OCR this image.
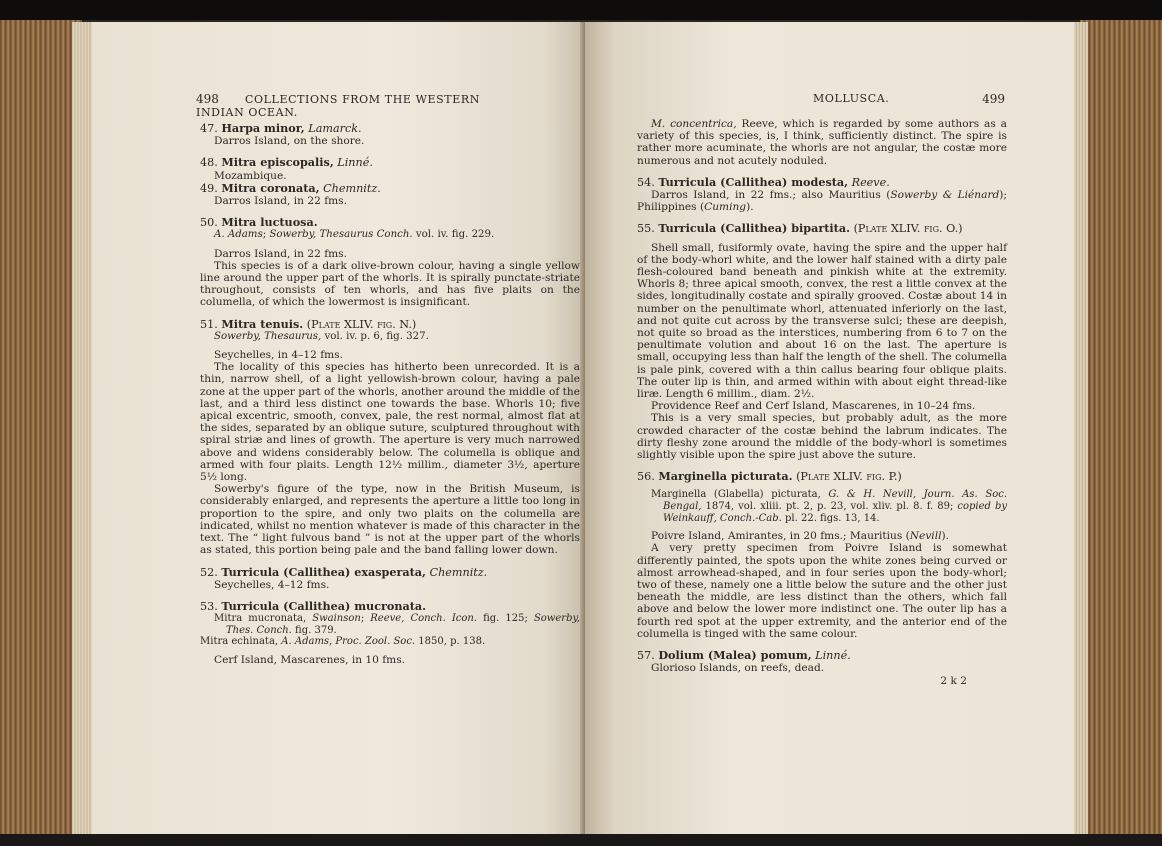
498 COLLECTIONS FROM THE WESTERN INDIAN OCEAN.

47. Harpa minor, Lamarck.

Darros Island, on the shore.

48. Mitra episcopalis, Linné.

Mozambique.

49. Mitra coronata, Chemnitz.

Darros Island, in 22 fms.

50. Mitra luctuosa.

A. Adams; Sowerby, Thesaurus Conch. vol. iv. fig. 229.

Darros Island, in 22 fms.

This species is of a dark olive-brown colour, having a single yellow line around the upper part of the whorls. It is spirally punctate-striate throughout, consists of ten whorls, and has five plaits on the columella, of which the lowermost is insignificant.

51. Mitra tenuis. (Plate XLIV. fig. N.)

Sowerby, Thesaurus, vol. iv. p. 6, fig. 327.

Seychelles, in 4–12 fms.

The locality of this species has hitherto been unrecorded. It is a thin, narrow shell, of a light yellowish-brown colour, having a pale zone at the upper part of the whorls, another around the middle of the last, and a third less distinct one towards the base. Whorls 10; five apical excentric, smooth, convex, pale, the rest normal, almost flat at the sides, separated by an oblique suture, sculptured throughout with spiral striæ and lines of growth. The aperture is very much narrowed above and widens considerably below. The columella is oblique and armed with four plaits. Length 12½ millim., diameter 3½, aperture 5½ long.

Sowerby's figure of the type, now in the British Museum, is considerably enlarged, and represents the aperture a little too long in proportion to the spire, and only two plaits on the columella are indicated, whilst no mention whatever is made of this character in the text. The “ light fulvous band ” is not at the upper part of the whorls as stated, this portion being pale and the band falling lower down.

52. Turricula (Callithea) exasperata, Chemnitz.

Seychelles, 4–12 fms.

53. Turricula (Callithea) mucronata.

Mitra mucronata, Swainson; Reeve, Conch. Icon. fig. 125; Sowerby, Thes. Conch. fig. 379.

Mitra echinata, A. Adams, Proc. Zool. Soc. 1850, p. 138.

Cerf Island, Mascarenes, in 10 fms.

MOLLUSCA.	499

M. concentrica, Reeve, which is regarded by some authors as a variety of this species, is, I think, sufficiently distinct. The spire is rather more acuminate, the whorls are not angular, the costæ more numerous and not acutely noduled.

54. Turricula (Callithea) modesta, Reeve.

Darros Island, in 22 fms.; also Mauritius (Sowerby & Liénard); Philippines (Cuming).

55. Turricula (Callithea) bipartita. (Plate XLIV. fig. O.)

Shell small, fusiformly ovate, having the spire and the upper half of the body-whorl white, and the lower half stained with a dirty pale flesh-coloured band beneath and pinkish white at the extremity. Whorls 8; three apical smooth, convex, the rest a little convex at the sides, longitudinally costate and spirally grooved. Costæ about 14 in number on the penultimate whorl, attenuated inferiorly on the last, and not quite cut across by the transverse sulci; these are deepish, not quite so broad as the interstices, numbering from 6 to 7 on the penultimate volution and about 16 on the last. The aperture is small, occupying less than half the length of the shell. The columella is pale pink, covered with a thin callus bearing four oblique plaits. The outer lip is thin, and armed within with about eight thread-like liræ. Length 6 millim., diam. 2½.

Providence Reef and Cerf Island, Mascarenes, in 10–24 fms.

This is a very small species, but probably adult, as the more crowded character of the costæ behind the labrum indicates. The dirty fleshy zone around the middle of the body-whorl is sometimes slightly visible upon the spire just above the suture.

56. Marginella picturata. (Plate XLIV. fig. P.)

Marginella (Glabella) picturata, G. & H. Nevill, Journ. As. Soc. Bengal, 1874, vol. xliii. pt. 2, p. 23, vol. xliv. pl. 8. f. 89; copied by Weinkauff, Conch.-Cab. pl. 22. figs. 13, 14.

Poivre Island, Amirantes, in 20 fms.; Mauritius (Nevill).

A very pretty specimen from Poivre Island is somewhat differently painted, the spots upon the white zones being curved or almost arrowhead-shaped, and in four series upon the body-whorl; two of these, namely one a little below the suture and the other just beneath the middle, are less distinct than the others, which fall above and below the lower more indistinct one. The outer lip has a fourth red spot at the upper extremity, and the anterior end of the columella is tinged with the same colour.

57. Dolium (Malea) pomum, Linné.

Glorioso Islands, on reefs, dead.

2 k 2
